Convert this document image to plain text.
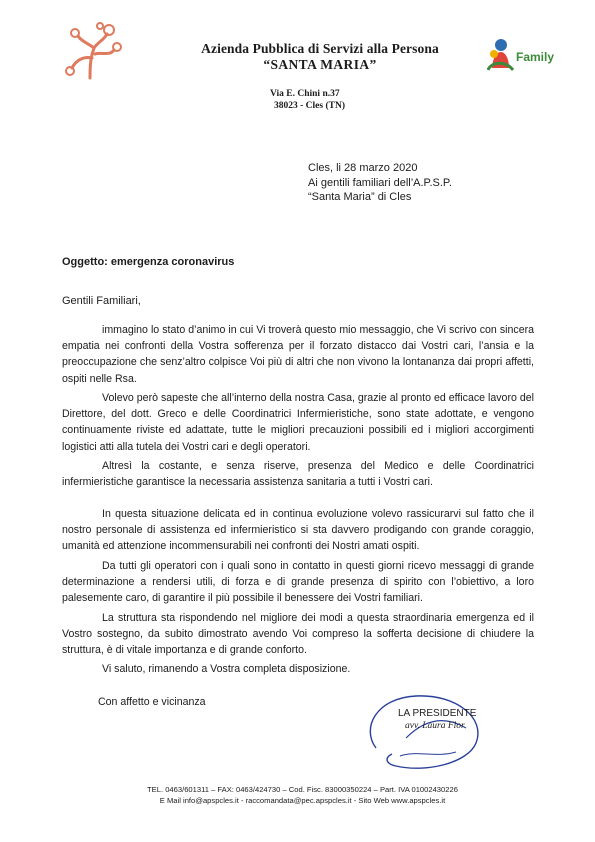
Family
Azienda Pubblica di Servizi alla Persona
“SANTA MARIA”
Via E. Chini n.37
38023 - Cles (TN)
Cles, li 28 marzo 2020
Ai gentili familiari dell’A.P.S.P.
“Santa Maria” di Cles
Oggetto: emergenza coronavirus
Gentili Familiari,
immagino lo stato d’animo in cui Vi troverà questo mio messaggio, che Vi scrivo con sincera empatia nei confronti della Vostra sofferenza per il forzato distacco dai Vostri cari, l’ansia e la preoccupazione che senz’altro colpisce Voi più di altri che non vivono la lontananza dai propri affetti, ospiti nelle Rsa.
Volevo però sapeste che all’interno della nostra Casa, grazie al pronto ed efficace lavoro del Direttore, del dott. Greco e delle Coordinatrici Infermieristiche, sono state adottate, e vengono continuamente riviste ed adattate, tutte le migliori precauzioni possibili ed i migliori accorgimenti logistici atti alla tutela dei Vostri cari e degli operatori.
Altresì la costante, e senza riserve, presenza del Medico e delle Coordinatrici infermieristiche garantisce la necessaria assistenza sanitaria a tutti i Vostri cari.
In questa situazione delicata ed in continua evoluzione volevo rassicurarvi sul fatto che il nostro personale di assistenza ed infermieristico si sta davvero prodigando con grande coraggio, umanità ed attenzione incommensurabili nei confronti dei Nostri amati ospiti.
Da tutti gli operatori con i quali sono in contatto in questi giorni ricevo messaggi di grande determinazione a rendersi utili, di forza e di grande presenza di spirito con l’obiettivo, a loro palesemente caro, di garantire il più possibile il benessere dei Vostri familiari.
La struttura sta rispondendo nel migliore dei modi a questa straordinaria emergenza ed il Vostro sostegno, da subito dimostrato avendo Voi compreso la sofferta decisione di chiudere la struttura, è di vitale importanza e di grande conforto.
Vi saluto, rimanendo a Vostra completa disposizione.
Con affetto e vicinanza
LA PRESIDENTE
avv. Laura Flor
TEL. 0463/601311 – FAX: 0463/424730 – Cod. Fisc. 83000350224 – Part. IVA 01002430226
E Mail info@apspcles.it - raccomandata@pec.apspcles.it - Sito Web www.apspcles.it
